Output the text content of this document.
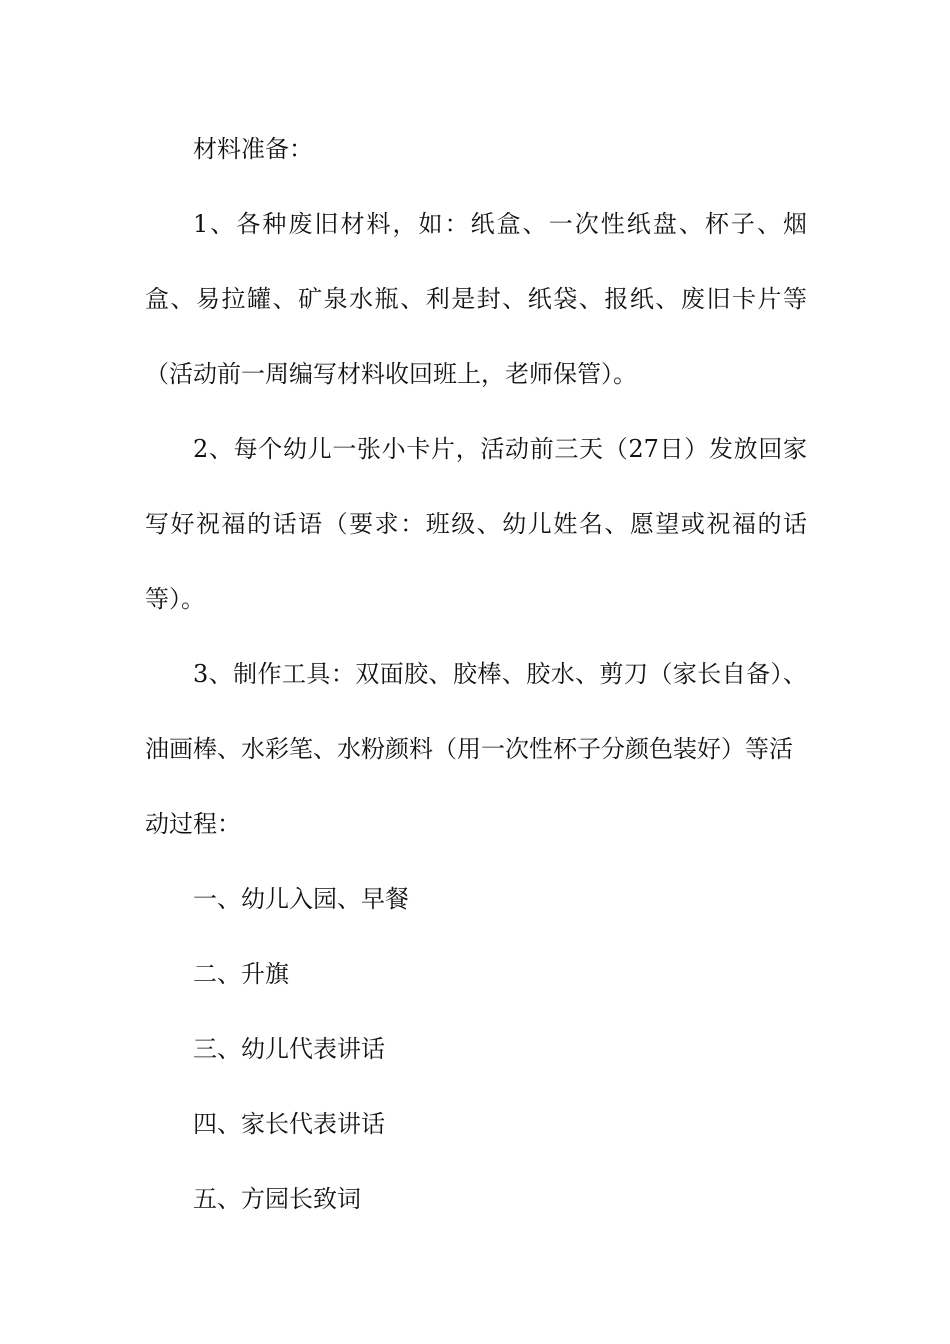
材料准备：

1、各种废旧材料，如：纸盒、一次性纸盘、杯子、烟盒、易拉罐、矿泉水瓶、利是封、纸袋、报纸、废旧卡片等（活动前一周编写材料收回班上，老师保管）。

2、每个幼儿一张小卡片，活动前三天（27日）发放回家写好祝福的话语（要求：班级、幼儿姓名、愿望或祝福的话等）。

3、制作工具：双面胶、胶棒、胶水、剪刀（家长自备）、油画棒、水彩笔、水粉颜料（用一次性杯子分颜色装好）等活

动过程：

一、幼儿入园、早餐

二、升旗

三、幼儿代表讲话

四、家长代表讲话

五、方园长致词
